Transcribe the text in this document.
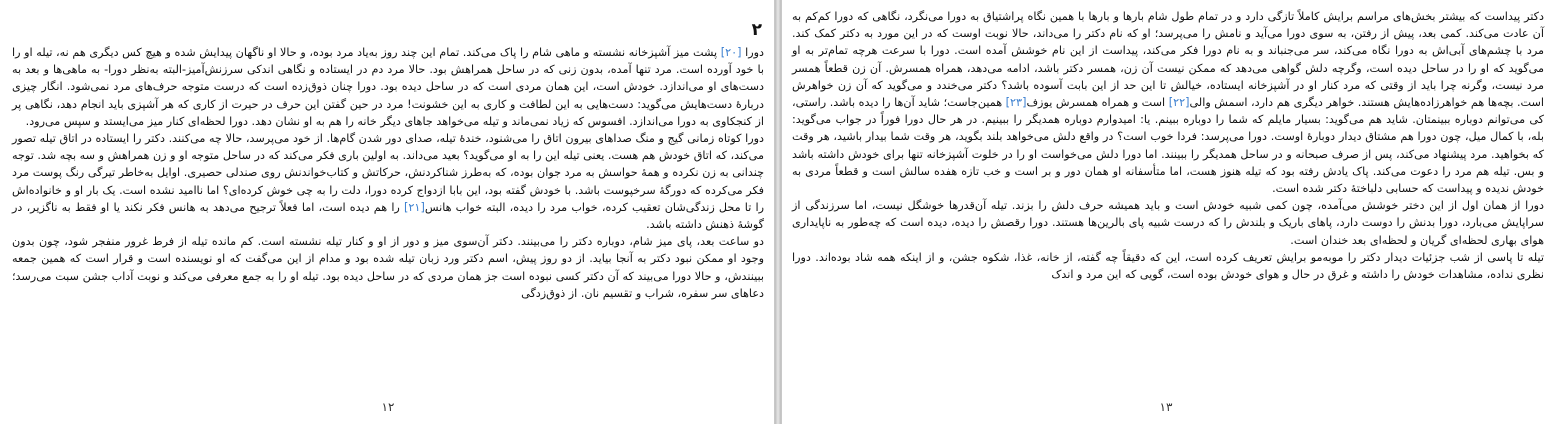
۲

دورا [۲۰] پشت میز آشپزخانه نشسته و ماهی شام را پاک می‌کند. تمام این چند روز به‌یاد مرد بوده، و حالا او ناگهان پیدایش شده و هیچ کس دیگری هم نه، تیله او را با خود آورده است. مرد تنها آمده، بدون زنی که در ساحل همراهش بود. حالا مرد دم در ایستاده و نگاهی اندکی سرزنش‌آمیز-البته به‌نظر دورا- به ماهی‌ها و بعد به دست‌های او می‌اندازد. خودش است، این همان مردی است که در ساحل دیده بود. دورا چنان ذوق‌زده است که درست متوجه حرف‌های مرد نمی‌شود. انگار چیزی دربارهٔ دست‌هایش می‌گوید: دست‌هایی به این لطافت و کاری به این خشونت! مرد در حین گفتن این حرف در حیرت از کاری که هر آشپزی باید انجام دهد، نگاهی پر از کنجکاوی به دورا می‌اندازد. افسوس که زیاد نمی‌ماند و تیله می‌خواهد جاهای دیگر خانه را هم به او نشان دهد. دورا لحظه‌ای کنار میز می‌ایستد و سپس می‌رود.

دورا کوتاه زمانی گیج و منگ صداهای بیرون اتاق را می‌شنود، خندهٔ تیله، صدای دور شدن گام‌ها. از خود می‌پرسد، حالا چه می‌کنند. دکتر را ایستاده در اتاق تیله تصور می‌کند، که اتاق خودش هم هست. یعنی تیله این را به او می‌گوید؟ بعید می‌داند. به اولین باری فکر می‌کند که در ساحل متوجه او و زن همراهش و سه بچه شد. توجه چندانی به زن نکرده و همهٔ حواسش به مرد جوان بوده، که به‌طرز شناکردنش، حرکاتش و کتاب‌خواندنش روی صندلی حصیری. اوایل به‌خاطر تیرگی رنگ پوست مرد فکر می‌کرده که دورگهٔ سرخپوست باشد. با خودش گفته بود، این بابا ازدواج کرده دورا، دلت را به چی خوش کرده‌ای؟ اما ناامید نشده است. یک بار او و خانواده‌اش را تا محل زندگی‌شان تعقیب کرده، خواب مرد را دیده، البته خواب هانس[۲۱] را هم دیده است، اما فعلاً ترجیح می‌دهد به هانس فکر نکند یا او فقط به ناگزیر، در گوشهٔ ذهنش داشته باشد.

دو ساعت بعد، پای میز شام، دوباره دکتر را می‌بینند. دکتر آن‌سوی میز و دور از او و کنار تیله نشسته است. کم مانده تیله از فرط غرور منفجر شود، چون بدون وجود او ممکن نبود دکتر به آنجا بیاید. از دو روز پیش، اسم دکتر ورد زبان تیله شده بود و مدام از این می‌گفت که او نویسنده است و قرار است که همین جمعه ببینندش، و حالا دورا می‌بیند که آن دکتر کسی نبوده است جز همان مردی که در ساحل دیده بود. تیله او را به جمع معرفی می‌کند و نوبت آداب جشن سبت می‌رسد؛ دعاهای سر سفره، شراب و تقسیم نان. از ذوق‌زدگی

۱۲

دکتر پیداست که بیشتر بخش‌های مراسم برایش کاملاً تازگی دارد و در تمام طول شام بارها و بارها با همین نگاه پراشتیاق به دورا می‌نگرد، نگاهی که دورا کم‌کم به آن عادت می‌کند. کمی بعد، پیش از رفتن، به سوی دورا می‌آید و نامش را می‌پرسد؛ او که نام دکتر را می‌داند، حالا نوبت اوست که در این مورد به دکتر کمک کند. مرد با چشم‌های آبی‌اش به دورا نگاه می‌کند، سر می‌جنباند و به نام دورا فکر می‌کند، پیداست از این نام خوشش آمده است. دورا با سرعت هرچه تمام‌تر به او می‌گوید که او را در ساحل دیده است، وگرچه دلش گواهی می‌دهد که ممکن نیست آن زن، همسر دکتر باشد، ادامه می‌دهد، همراه همسرش. آن زن قطعاً همسر مرد نیست، وگرنه چرا باید از وقتی که مرد کنار او در آشپزخانه ایستاده، خیالش تا این حد از این بابت آسوده باشد؟ دکتر می‌خندد و می‌گوید که آن زن خواهرش است. بچه‌ها هم خواهرزاده‌هایش هستند. خواهر دیگری هم دارد، اسمش والی[۲۲] است و همراه همسرش یوزف[۲۳] همین‌جاست؛ شاید آن‌ها را دیده باشد. راستی، کی می‌توانم دوباره ببینمتان. شاید هم می‌گوید: بسیار مایلم که شما را دوباره ببینم. یا: امیدوارم دوباره همدیگر را ببینیم. در هر حال دورا فوراً در جواب می‌گوید: بله، با کمال میل، چون دورا هم مشتاق دیدار دوبارهٔ اوست. دورا می‌پرسد: فردا خوب است؟ در واقع دلش می‌خواهد بلند بگوید، هر وقت شما بیدار باشید، هر وقت که بخواهید. مرد پیشنهاد می‌کند، پس از صرف صبحانه و در ساحل همدیگر را ببینند. اما دورا دلش می‌خواست او را در خلوت آشپزخانه تنها برای خودش داشته باشد و بس. تیله هم مرد را دعوت می‌کند. پاک یادش رفته بود که تیله هنوز هست، اما متأسفانه او همان دور و بر است و خب تازه هفده سالش است و قطعاً مردی به خودش ندیده و پیداست که حسابی دلباختهٔ دکتر شده است.

دورا از همان اول از این دختر خوشش می‌آمده، چون کمی شبیه خودش است و باید همیشه حرف دلش را بزند. تیله آن‌قدرها خوشگل نیست، اما سرزندگی از سراپایش می‌بارد، دورا بدنش را دوست دارد، پاهای باریک و بلندش را که درست شبیه پای بالرین‌ها هستند. دورا رقصش را دیده، دیده است که چه‌طور به ناپایداری هوای بهاری لحظه‌ای گریان و لحظه‌ای بعد خندان است.

تیله تا پاسی از شب جزئیات دیدار دکتر را موبه‌مو برایش تعریف کرده است، این که دقیقاً چه گفته، از خانه، غذا، شکوه جشن، و از اینکه همه شاد بوده‌اند. دورا نظری نداده، مشاهدات خودش را داشته و غرق در حال و هوای خودش بوده است، گویی که این مرد و اندک

۱۳
